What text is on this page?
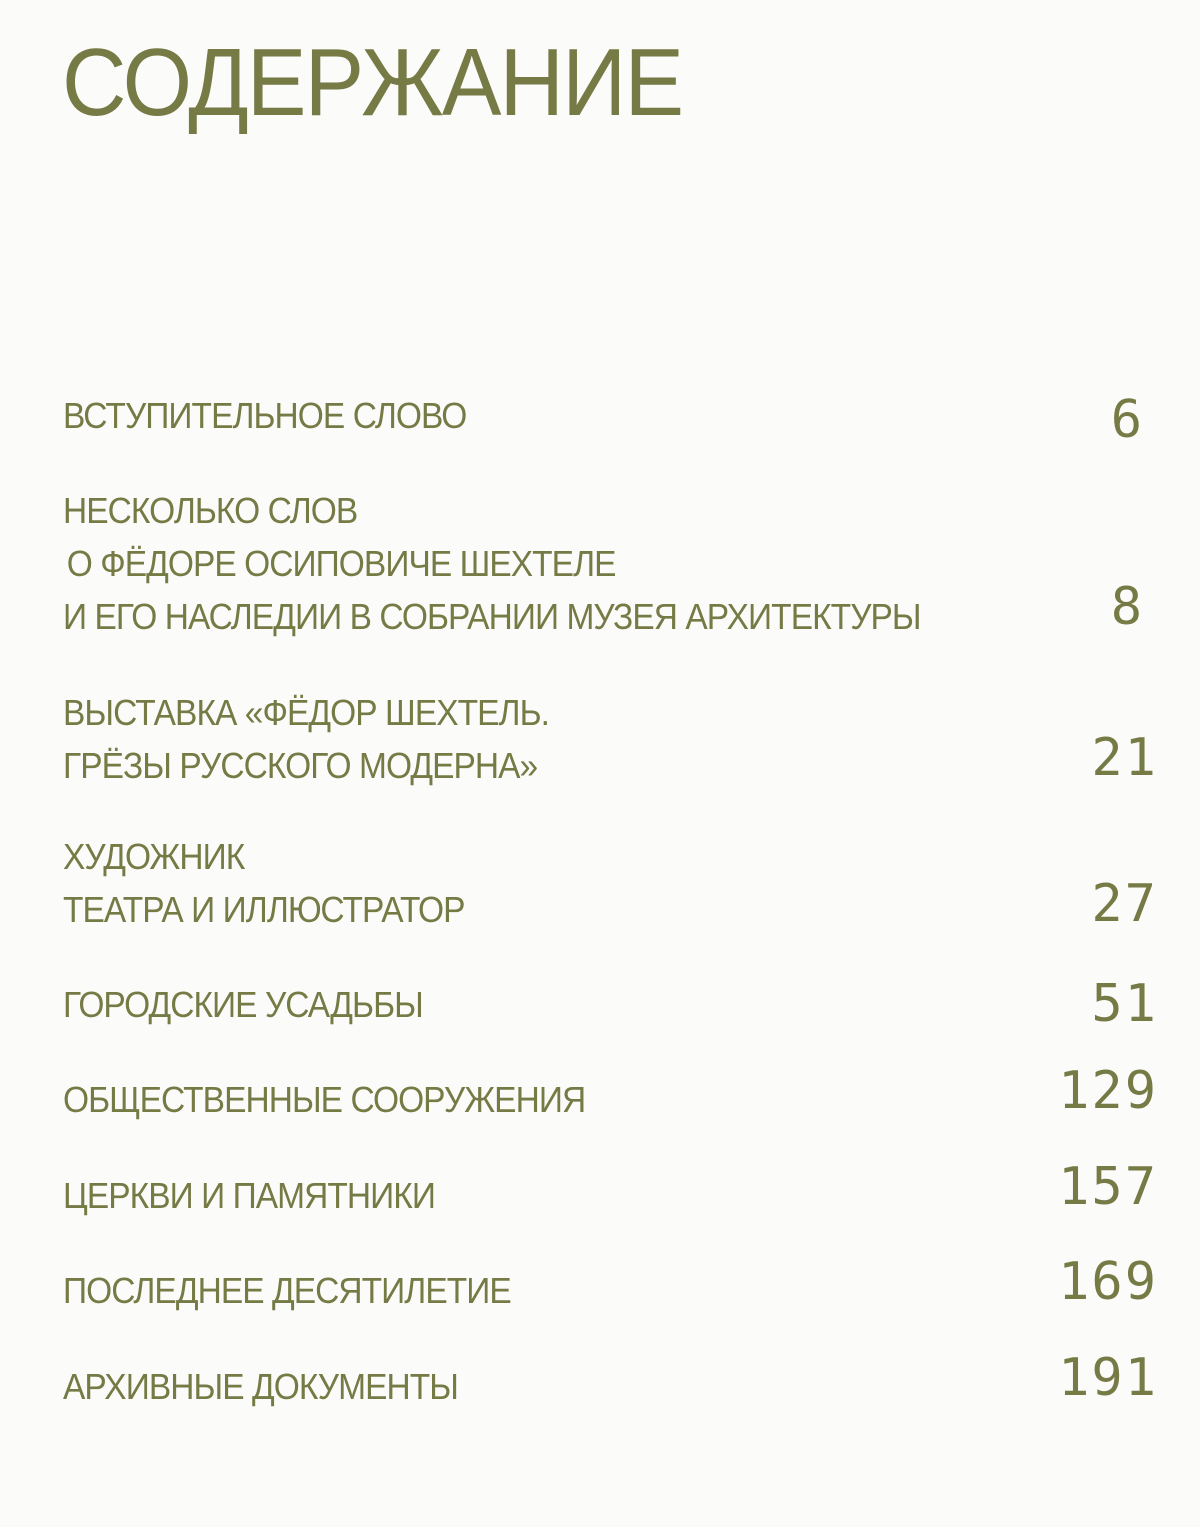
СОДЕРЖАНИЕ
ВСТУПИТЕЛЬНОЕ СЛОВО	6
НЕСКОЛЬКО СЛОВ
О ФЁДОРЕ ОСИПОВИЧЕ ШЕХТЕЛЕ
И ЕГО НАСЛЕДИИ В СОБРАНИИ МУЗЕЯ АРХИТЕКТУРЫ	8
ВЫСТАВКА «ФЁДОР ШЕХТЕЛЬ.
ГРЁЗЫ РУССКОГО МОДЕРНА»	21
ХУДОЖНИК
ТЕАТРА И ИЛЛЮСТРАТОР	27
ГОРОДСКИЕ УСАДЬБЫ	51
ОБЩЕСТВЕННЫЕ СООРУЖЕНИЯ	129
ЦЕРКВИ И ПАМЯТНИКИ	157
ПОСЛЕДНЕЕ ДЕСЯТИЛЕТИЕ	169
АРХИВНЫЕ ДОКУМЕНТЫ	191
